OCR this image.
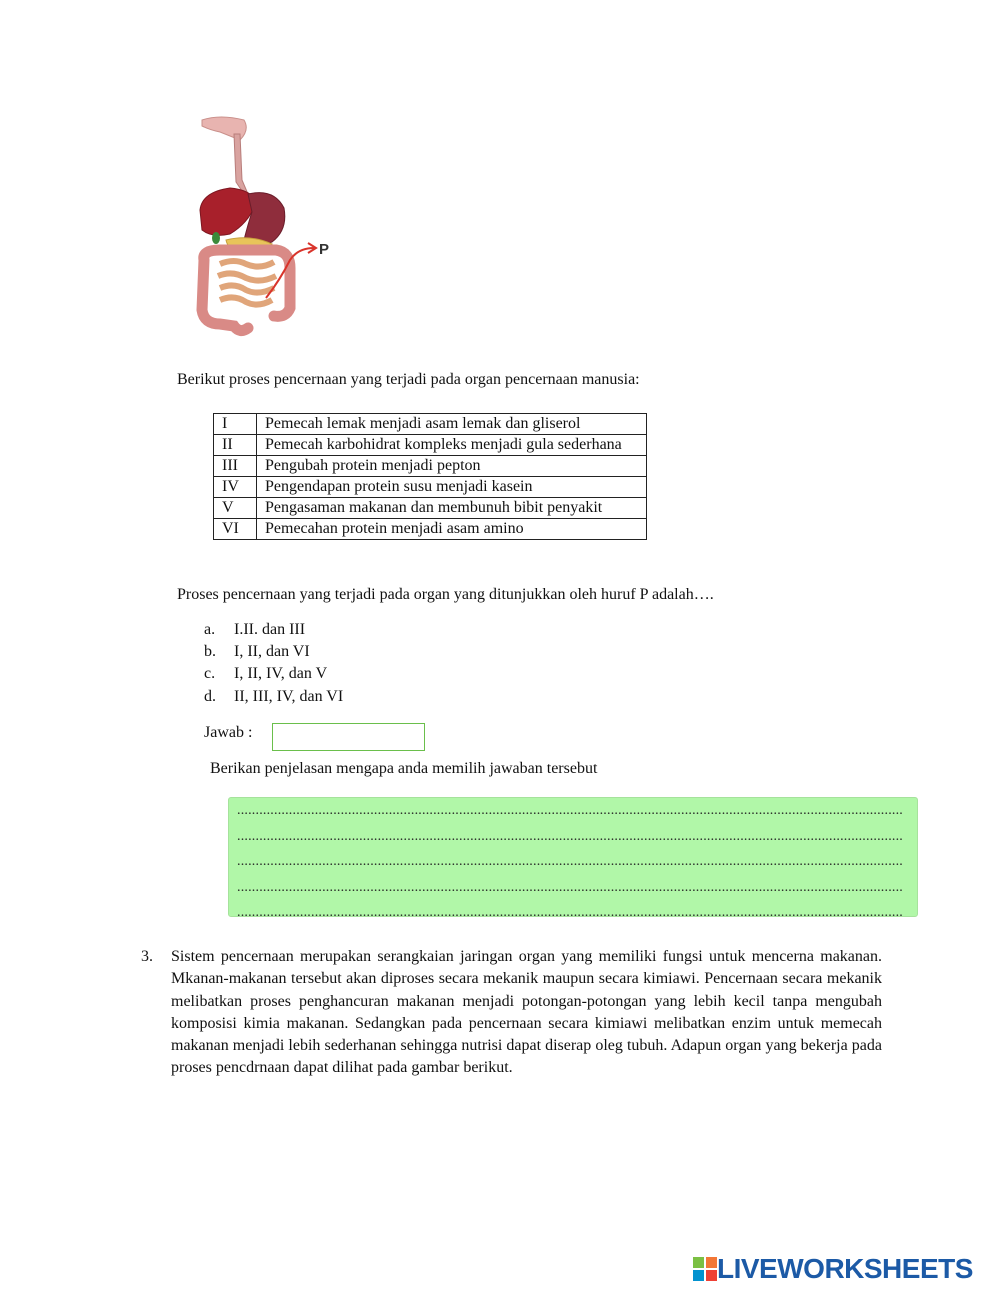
P
Berikut proses pencernaan yang terjadi pada organ pencernaan manusia:
I	Pemecah lemak menjadi asam lemak dan gliserol
II	Pemecah karbohidrat kompleks menjadi gula sederhana
III	Pengubah protein menjadi pepton
IV	Pengendapan protein susu menjadi kasein
V	Pengasaman makanan dan membunuh bibit penyakit
VI	Pemecahan protein menjadi asam amino
Proses pencernaan yang terjadi pada organ yang ditunjukkan oleh huruf P adalah….
a. I.II. dan III
b. I, II, dan VI
c. I, II, IV, dan V
d. II, III, IV, dan VI
Jawab :
Berikan penjelasan mengapa anda memilih jawaban tersebut
....................................................................................................................................................................................
....................................................................................................................................................................................
....................................................................................................................................................................................
....................................................................................................................................................................................
....................................................................................................................................................................................
3. Sistem pencernaan merupakan serangkaian jaringan organ yang memiliki fungsi untuk mencerna makanan. Mkanan-makanan tersebut akan diproses secara mekanik maupun secara kimiawi. Pencernaan secara mekanik melibatkan proses penghancuran makanan menjadi potongan-potongan yang lebih kecil tanpa mengubah komposisi kimia makanan. Sedangkan pada pencernaan secara kimiawi melibatkan enzim untuk memecah makanan menjadi lebih sederhanan sehingga nutrisi dapat diserap oleg tubuh. Adapun organ yang bekerja pada proses pencdrnaan dapat dilihat pada gambar berikut.
LIVEWORKSHEETS
